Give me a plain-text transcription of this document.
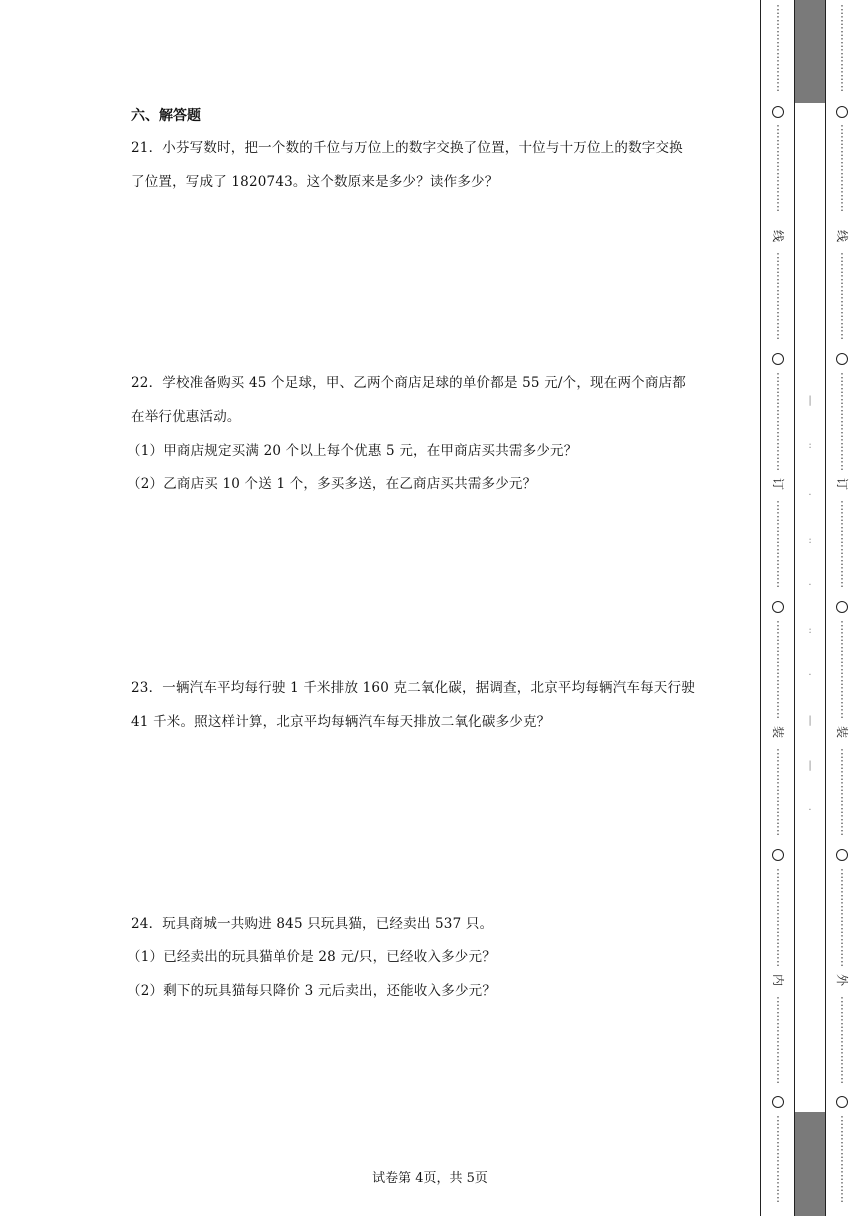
六、解答题
21．小芬写数时，把一个数的千位与万位上的数字交换了位置，十位与十万位上的数字交换
了位置，写成了 1820743。这个数原来是多少？读作多少？
22．学校准备购买 45 个足球，甲、乙两个商店足球的单价都是 55 元/个，现在两个商店都
在举行优惠活动。
（1）甲商店规定买满 20 个以上每个优惠 5 元，在甲商店买共需多少元？
（2）乙商店买 10 个送 1 个，多买多送，在乙商店买共需多少元？
23．一辆汽车平均每行驶 1 千米排放 160 克二氧化碳，据调查，北京平均每辆汽车每天行驶
41 千米。照这样计算，北京平均每辆汽车每天排放二氧化碳多少克？
24．玩具商城一共购进 845 只玩具猫，已经卖出 537 只。
（1）已经卖出的玩具猫单价是 28 元/只，已经收入多少元？
（2）剩下的玩具猫每只降价 3 元后卖出，还能收入多少元？
试卷第 4页，共 5页
⋮
⋮
⋮
⋮
⋮
⋮
⋮
⋮
⋮
⋮
⋮
⋮
⋮
⋮
⋮
⋮
线
⋮
⋮
⋮
⋮
⋮
⋮
⋮
⋮
⋮
⋮
⋮
⋮
⋮
⋮
⋮
⋮
⋮
订
⋮
⋮
⋮
⋮
⋮
⋮
⋮
⋮
⋮
⋮
⋮
⋮
⋮
⋮
⋮
⋮
⋮
装
⋮
⋮
⋮
⋮
⋮
⋮
⋮
⋮
⋮
⋮
⋮
⋮
⋮
⋮
⋮
⋮
⋮
内
⋮
⋮
⋮
⋮
⋮
⋮
⋮
⋮
⋮
⋮
⋮
⋮
⋮
⋮
⋮
⋮
|
:
·
:
·
:
·
|
|
·
⋮
⋮
⋮
⋮
⋮
⋮
⋮
⋮
⋮
⋮
⋮
⋮
⋮
⋮
⋮
⋮
线
⋮
⋮
⋮
⋮
⋮
⋮
⋮
⋮
⋮
⋮
⋮
⋮
⋮
⋮
⋮
⋮
⋮
订
⋮
⋮
⋮
⋮
⋮
⋮
⋮
⋮
⋮
⋮
⋮
⋮
⋮
⋮
⋮
⋮
⋮
装
⋮
⋮
⋮
⋮
⋮
⋮
⋮
⋮
⋮
⋮
⋮
⋮
⋮
⋮
⋮
⋮
⋮
外
⋮
⋮
⋮
⋮
⋮
⋮
⋮
⋮
⋮
⋮
⋮
⋮
⋮
⋮
⋮
⋮
